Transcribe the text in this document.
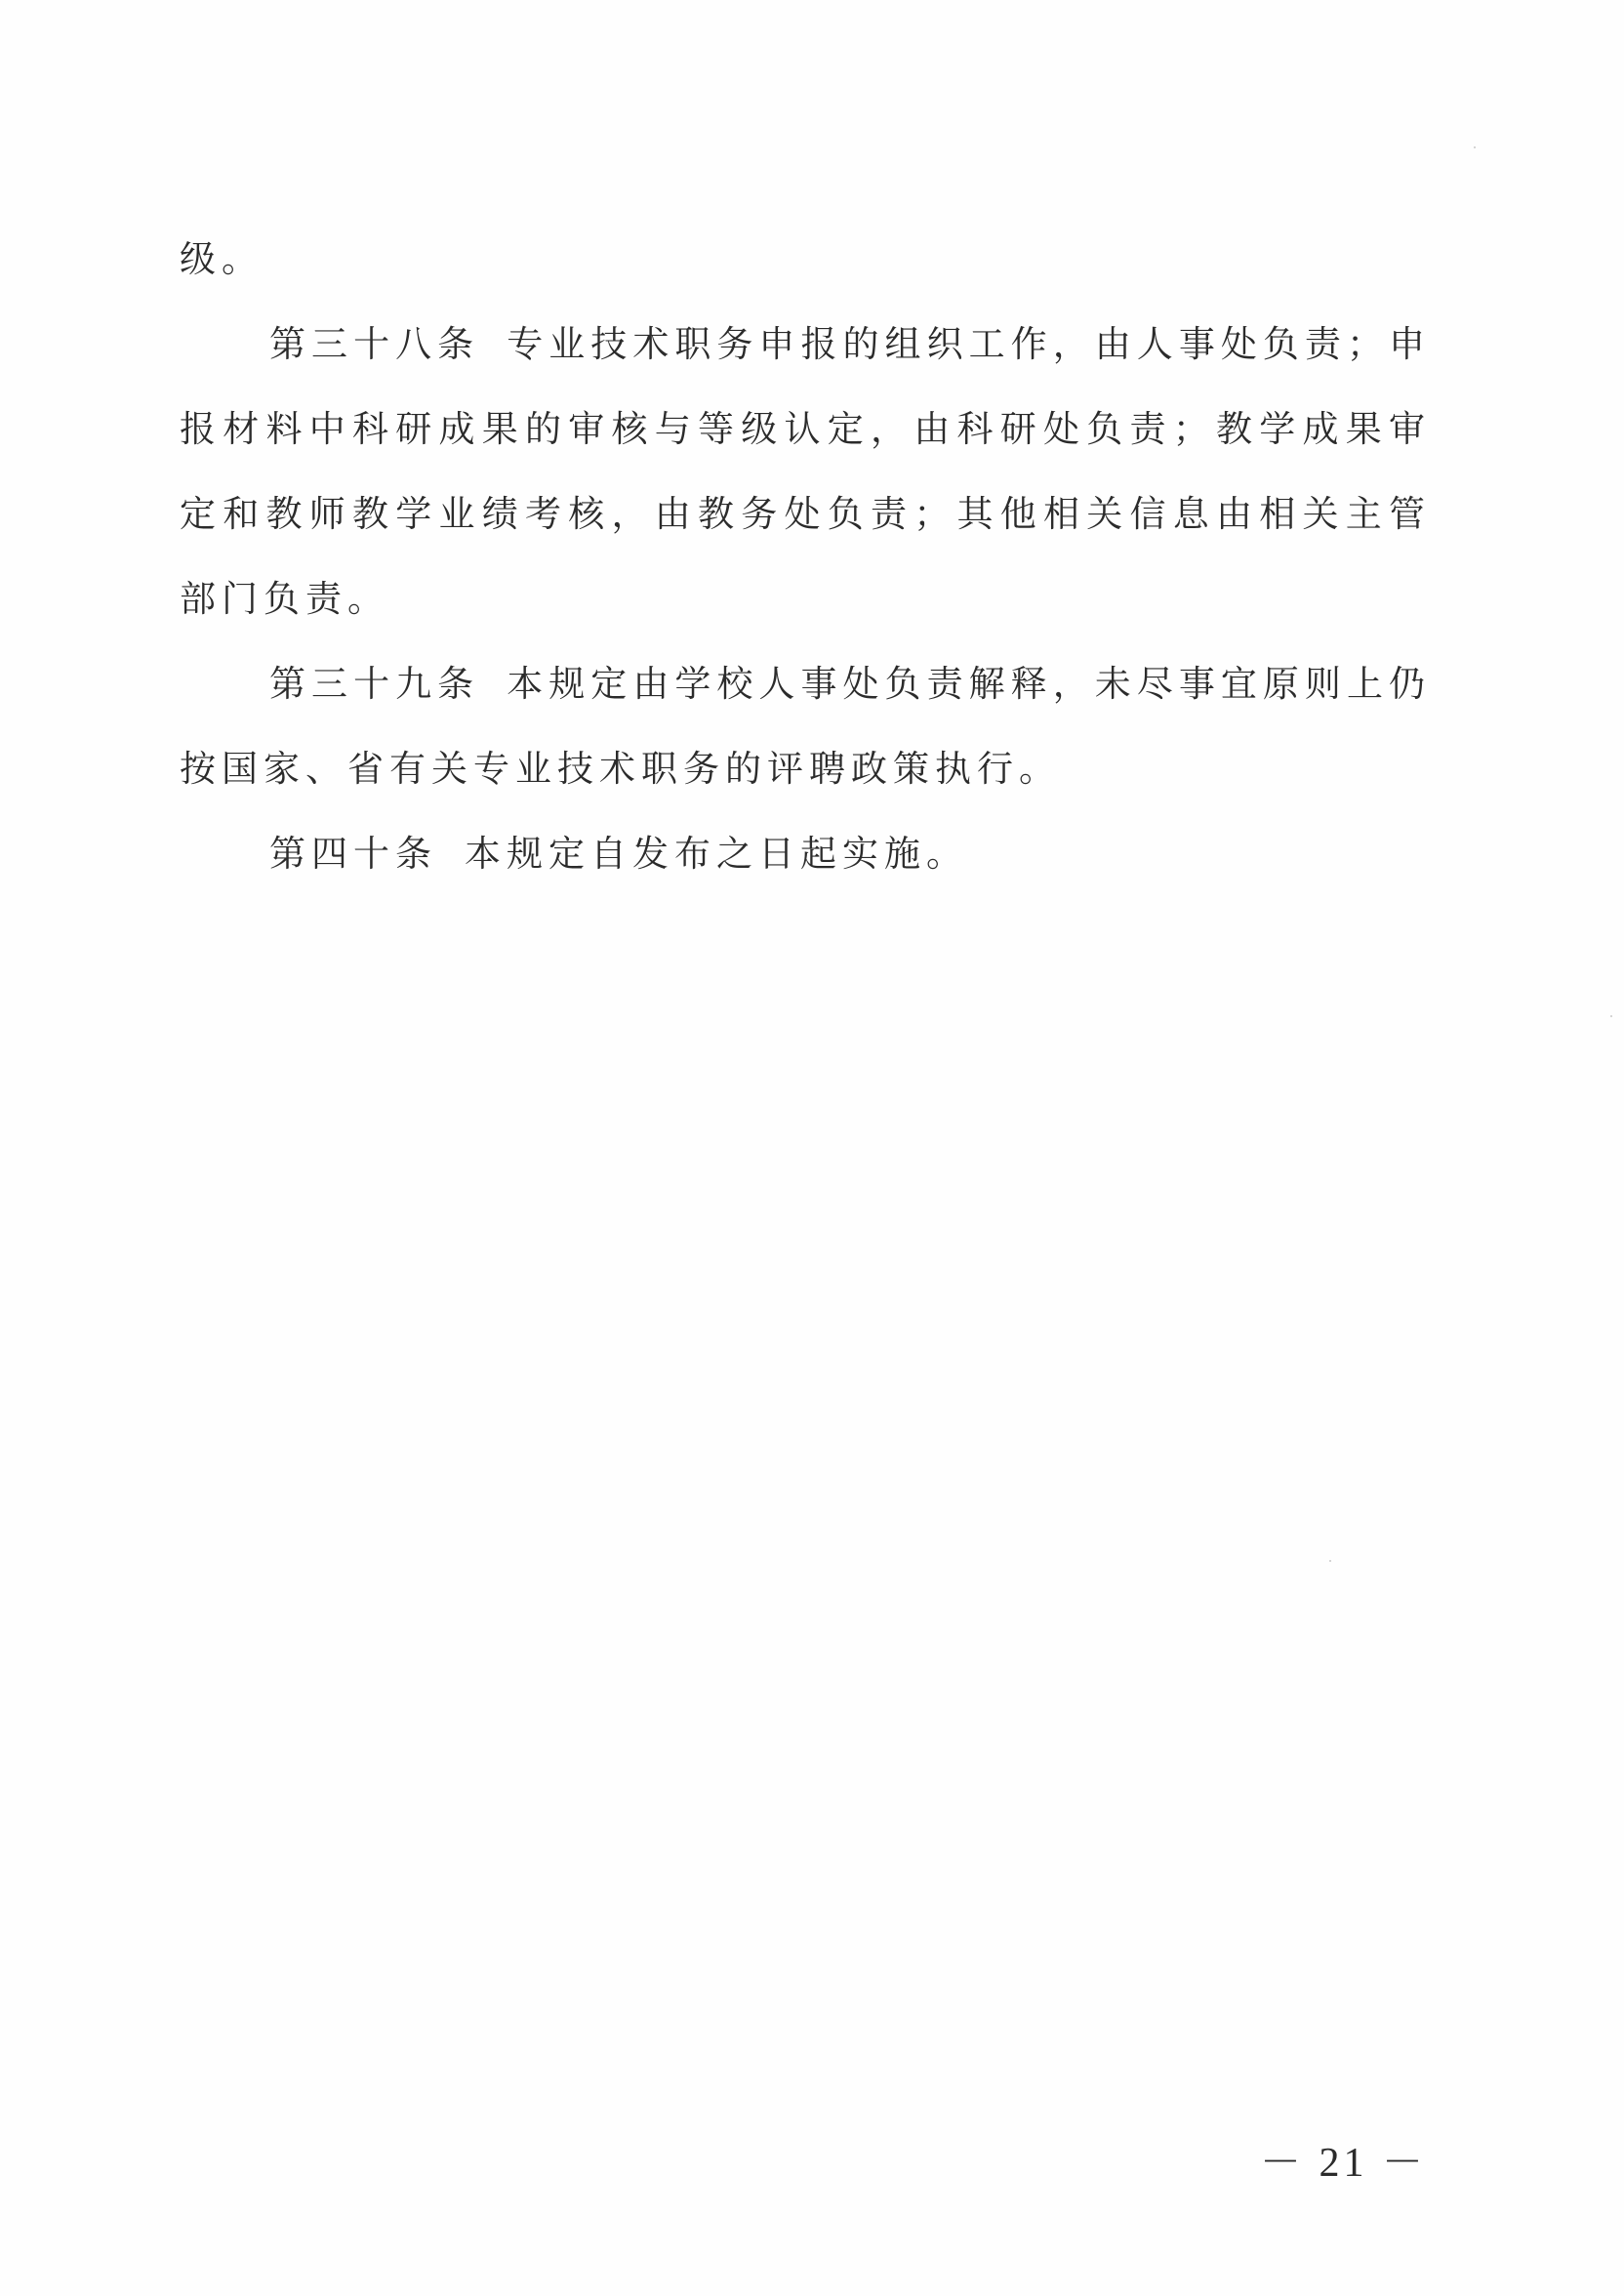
级。

第三十八条 专业技术职务申报的组织工作，由人事处负责；申报材料中科研成果的审核与等级认定，由科研处负责；教学成果审定和教师教学业绩考核，由教务处负责；其他相关信息由相关主管部门负责。

第三十九条 本规定由学校人事处负责解释，未尽事宜原则上仍按国家、省有关专业技术职务的评聘政策执行。

第四十条 本规定自发布之日起实施。

－ 21 －
